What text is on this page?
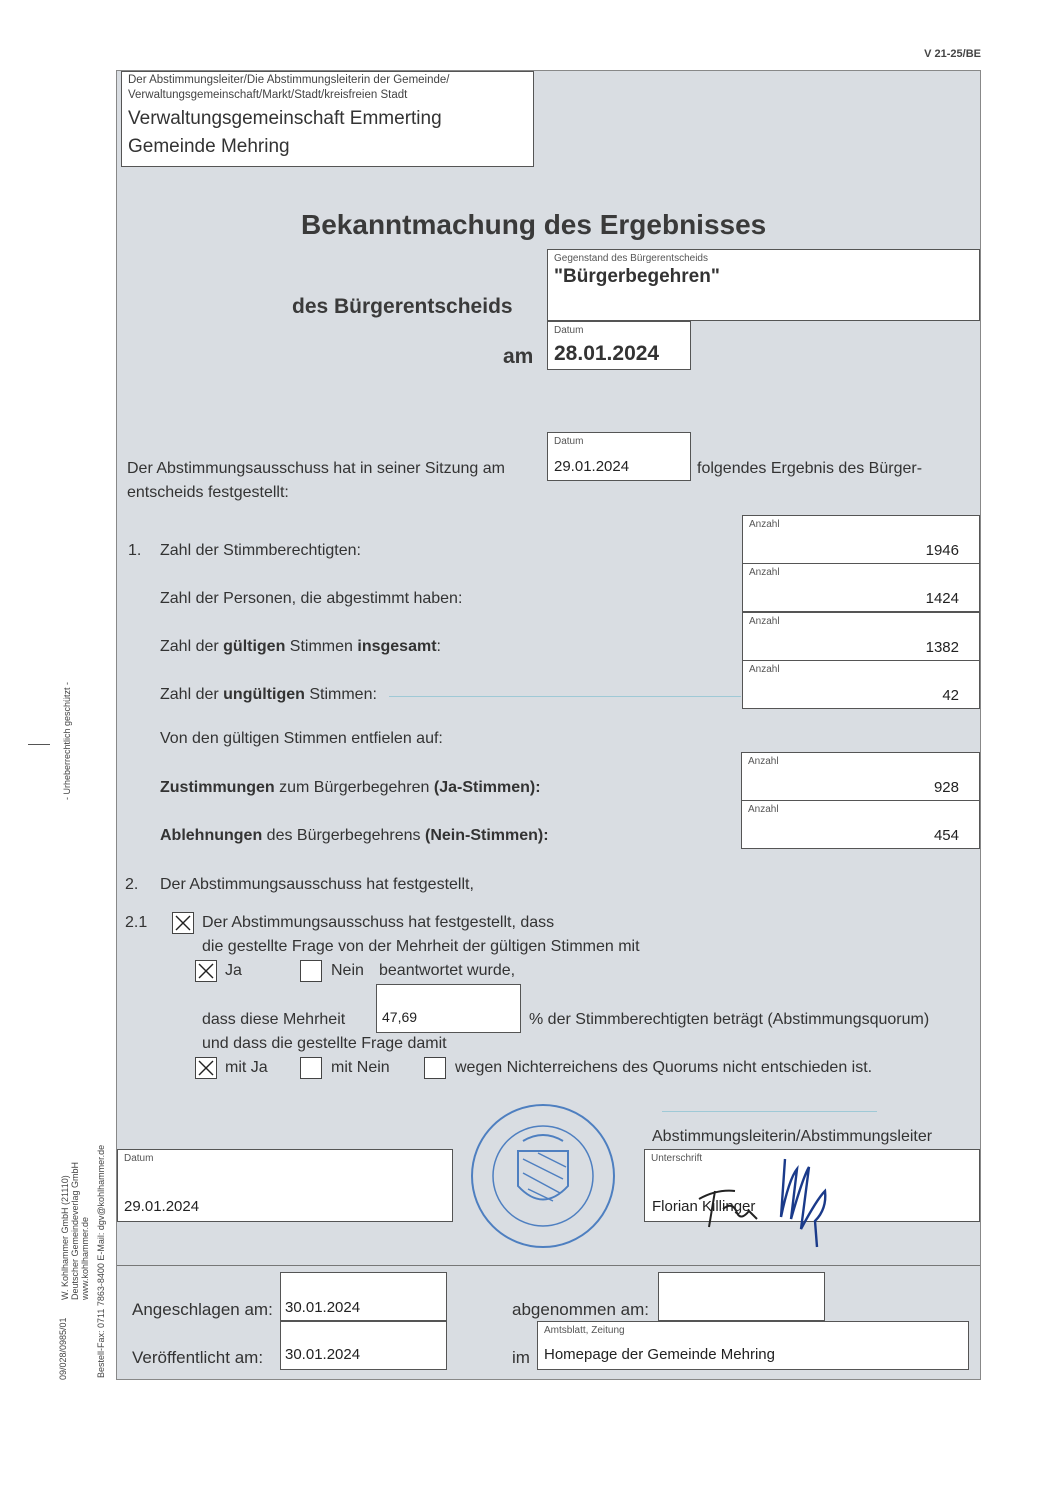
V 21-25/BE
- Urheberrechtlich geschützt -
09/028/0985/01
W. Kohlhammer GmbH (21110) Deutscher Gemeindeverlag GmbH www.kohlhammer.de Bestell-Fax: 0711 7863-8400 E-Mail: dgv@kohlhammer.de
Der Abstimmungsleiter/Die Abstimmungsleiterin der Gemeinde/
Verwaltungsgemeinschaft/Markt/Stadt/kreisfreien Stadt
Verwaltungsgemeinschaft Emmerting
Gemeinde Mehring
Bekanntmachung des Ergebnisses
des Bürgerentscheids
Gegenstand des Bürgerentscheids
"Bürgerbegehren"
am
Datum
28.01.2024
Der Abstimmungsausschuss hat in seiner Sitzung am
Datum
29.01.2024	folgendes Ergebnis des Bürger-
entscheids festgestellt:
1. Zahl der Stimmberechtigten:
Anzahl
1946
Zahl der Personen, die abgestimmt haben:
Anzahl
1424
Zahl der gültigen Stimmen insgesamt:
Anzahl
1382
Zahl der ungültigen Stimmen:
Anzahl
42
Von den gültigen Stimmen entfielen auf:
Zustimmungen zum Bürgerbegehren (Ja-Stimmen):
Anzahl
928
Ablehnungen des Bürgerbegehrens (Nein-Stimmen):
Anzahl
454
2. Der Abstimmungsausschuss hat festgestellt,
2.1	Der Abstimmungsausschuss hat festgestellt, dass
die gestellte Frage von der Mehrheit der gültigen Stimmen mit
Ja	Nein beantwortet wurde,
dass diese Mehrheit	47,69	% der Stimmberechtigten beträgt (Abstimmungsquorum)
und dass die gestellte Frage damit
mit Ja	mit Nein	wegen Nichterreichens des Quorums nicht entschieden ist.
Abstimmungsleiterin/Abstimmungsleiter
Datum
29.01.2024
Unterschrift
Florian Killinger
Angeschlagen am: 30.01.2024	abgenommen am:
Veröffentlicht am: 30.01.2024	im
Amtsblatt, Zeitung
Homepage der Gemeinde Mehring
